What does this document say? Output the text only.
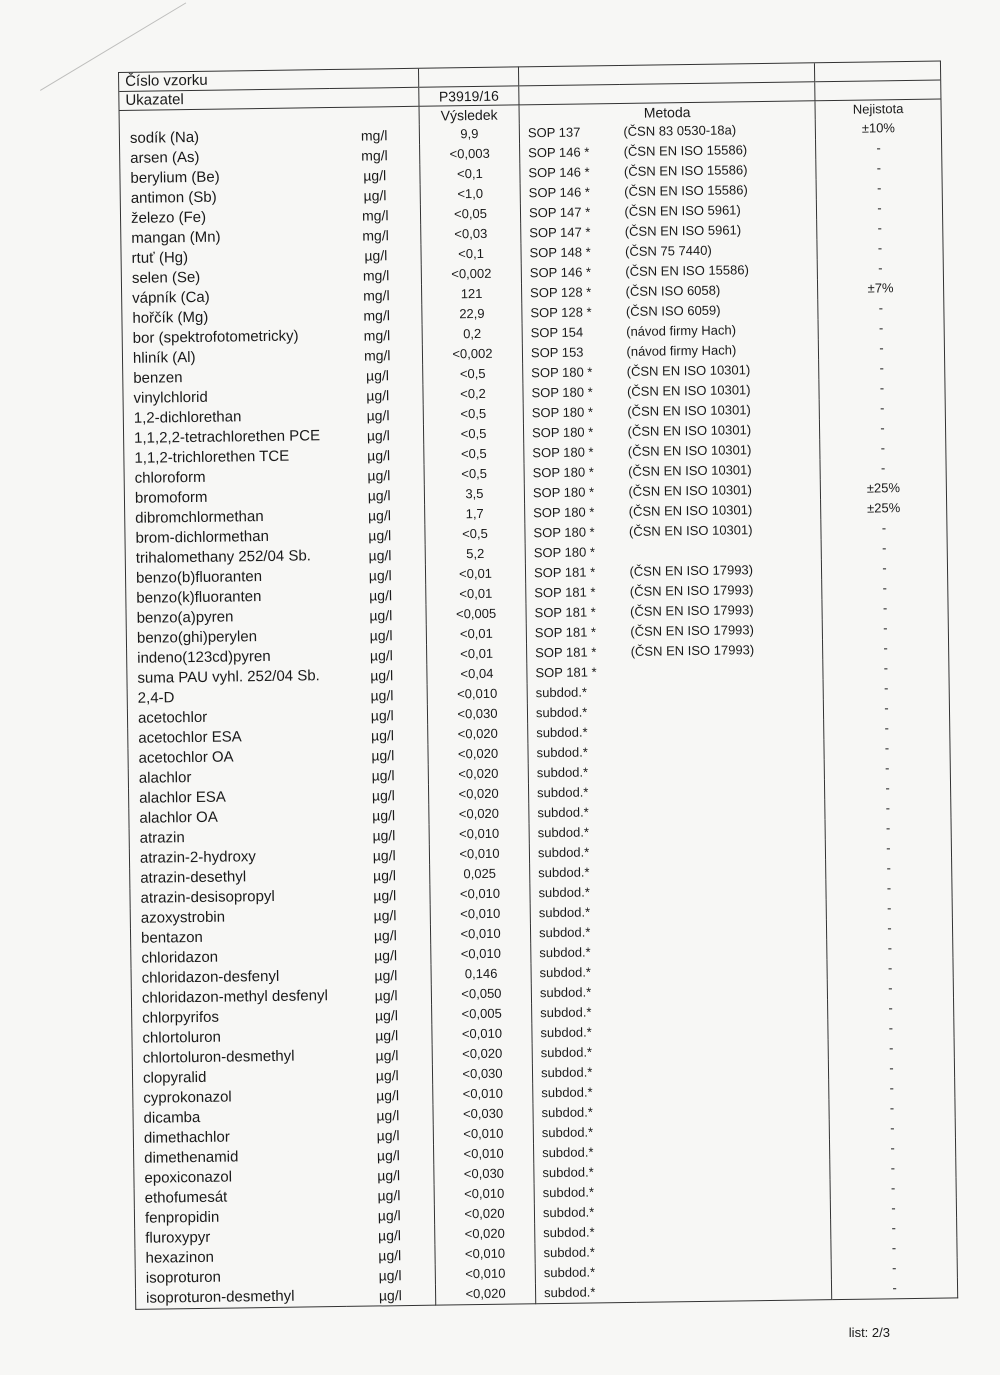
Číslo vzorku					
Ukazatel		P3919/16			
		Výsledek	Metoda		Nejistota
sodík (Na)	mg/l	9,9	SOP 137	(ČSN 83 0530-18a)	±10%
arsen (As)	mg/l	<0,003	SOP 146 *	(ČSN EN ISO 15586)	-
berylium (Be)	µg/l	<0,1	SOP 146 *	(ČSN EN ISO 15586)	-
antimon (Sb)	µg/l	<1,0	SOP 146 *	(ČSN EN ISO 15586)	-
železo (Fe)	mg/l	<0,05	SOP 147 *	(ČSN EN ISO 5961)	-
mangan (Mn)	mg/l	<0,03	SOP 147 *	(ČSN EN ISO 5961)	-
rtuť (Hg)	µg/l	<0,1	SOP 148 *	(ČSN 75 7440)	-
selen (Se)	mg/l	<0,002	SOP 146 *	(ČSN EN ISO 15586)	-
vápník (Ca)	mg/l	121	SOP 128 *	(ČSN ISO 6058)	±7%
hořčík (Mg)	mg/l	22,9	SOP 128 *	(ČSN ISO 6059)	-
bor (spektrofotometricky)	mg/l	0,2	SOP 154	(návod firmy Hach)	-
hliník (Al)	mg/l	<0,002	SOP 153	(návod firmy Hach)	-
benzen	µg/l	<0,5	SOP 180 *	(ČSN EN ISO 10301)	-
vinylchlorid	µg/l	<0,2	SOP 180 *	(ČSN EN ISO 10301)	-
1,2-dichlorethan	µg/l	<0,5	SOP 180 *	(ČSN EN ISO 10301)	-
1,1,2,2-tetrachlorethen PCE	µg/l	<0,5	SOP 180 *	(ČSN EN ISO 10301)	-
1,1,2-trichlorethen TCE	µg/l	<0,5	SOP 180 *	(ČSN EN ISO 10301)	-
chloroform	µg/l	<0,5	SOP 180 *	(ČSN EN ISO 10301)	-
bromoform	µg/l	3,5	SOP 180 *	(ČSN EN ISO 10301)	±25%
dibromchlormethan	µg/l	1,7	SOP 180 *	(ČSN EN ISO 10301)	±25%
brom-dichlormethan	µg/l	<0,5	SOP 180 *	(ČSN EN ISO 10301)	-
trihalomethany 252/04 Sb.	µg/l	5,2	SOP 180 *		-
benzo(b)fluoranten	µg/l	<0,01	SOP 181 *	(ČSN EN ISO 17993)	-
benzo(k)fluoranten	µg/l	<0,01	SOP 181 *	(ČSN EN ISO 17993)	-
benzo(a)pyren	µg/l	<0,005	SOP 181 *	(ČSN EN ISO 17993)	-
benzo(ghi)perylen	µg/l	<0,01	SOP 181 *	(ČSN EN ISO 17993)	-
indeno(123cd)pyren	µg/l	<0,01	SOP 181 *	(ČSN EN ISO 17993)	-
suma PAU vyhl. 252/04 Sb.	µg/l	<0,04	SOP 181 *		-
2,4-D	µg/l	<0,010	subdod.*		-
acetochlor	µg/l	<0,030	subdod.*		-
acetochlor ESA	µg/l	<0,020	subdod.*		-
acetochlor OA	µg/l	<0,020	subdod.*		-
alachlor	µg/l	<0,020	subdod.*		-
alachlor ESA	µg/l	<0,020	subdod.*		-
alachlor OA	µg/l	<0,020	subdod.*		-
atrazin	µg/l	<0,010	subdod.*		-
atrazin-2-hydroxy	µg/l	<0,010	subdod.*		-
atrazin-desethyl	µg/l	0,025	subdod.*		-
atrazin-desisopropyl	µg/l	<0,010	subdod.*		-
azoxystrobin	µg/l	<0,010	subdod.*		-
bentazon	µg/l	<0,010	subdod.*		-
chloridazon	µg/l	<0,010	subdod.*		-
chloridazon-desfenyl	µg/l	0,146	subdod.*		-
chloridazon-methyl desfenyl	µg/l	<0,050	subdod.*		-
chlorpyrifos	µg/l	<0,005	subdod.*		-
chlortoluron	µg/l	<0,010	subdod.*		-
chlortoluron-desmethyl	µg/l	<0,020	subdod.*		-
clopyralid	µg/l	<0,030	subdod.*		-
cyprokonazol	µg/l	<0,010	subdod.*		-
dicamba	µg/l	<0,030	subdod.*		-
dimethachlor	µg/l	<0,010	subdod.*		-
dimethenamid	µg/l	<0,010	subdod.*		-
epoxiconazol	µg/l	<0,030	subdod.*		-
ethofumesát	µg/l	<0,010	subdod.*		-
fenpropidin	µg/l	<0,020	subdod.*		-
fluroxypyr	µg/l	<0,020	subdod.*		-
hexazinon	µg/l	<0,010	subdod.*		-
isoproturon	µg/l	<0,010	subdod.*		-
isoproturon-desmethyl	µg/l	<0,020	subdod.*		-
list: 2/3
